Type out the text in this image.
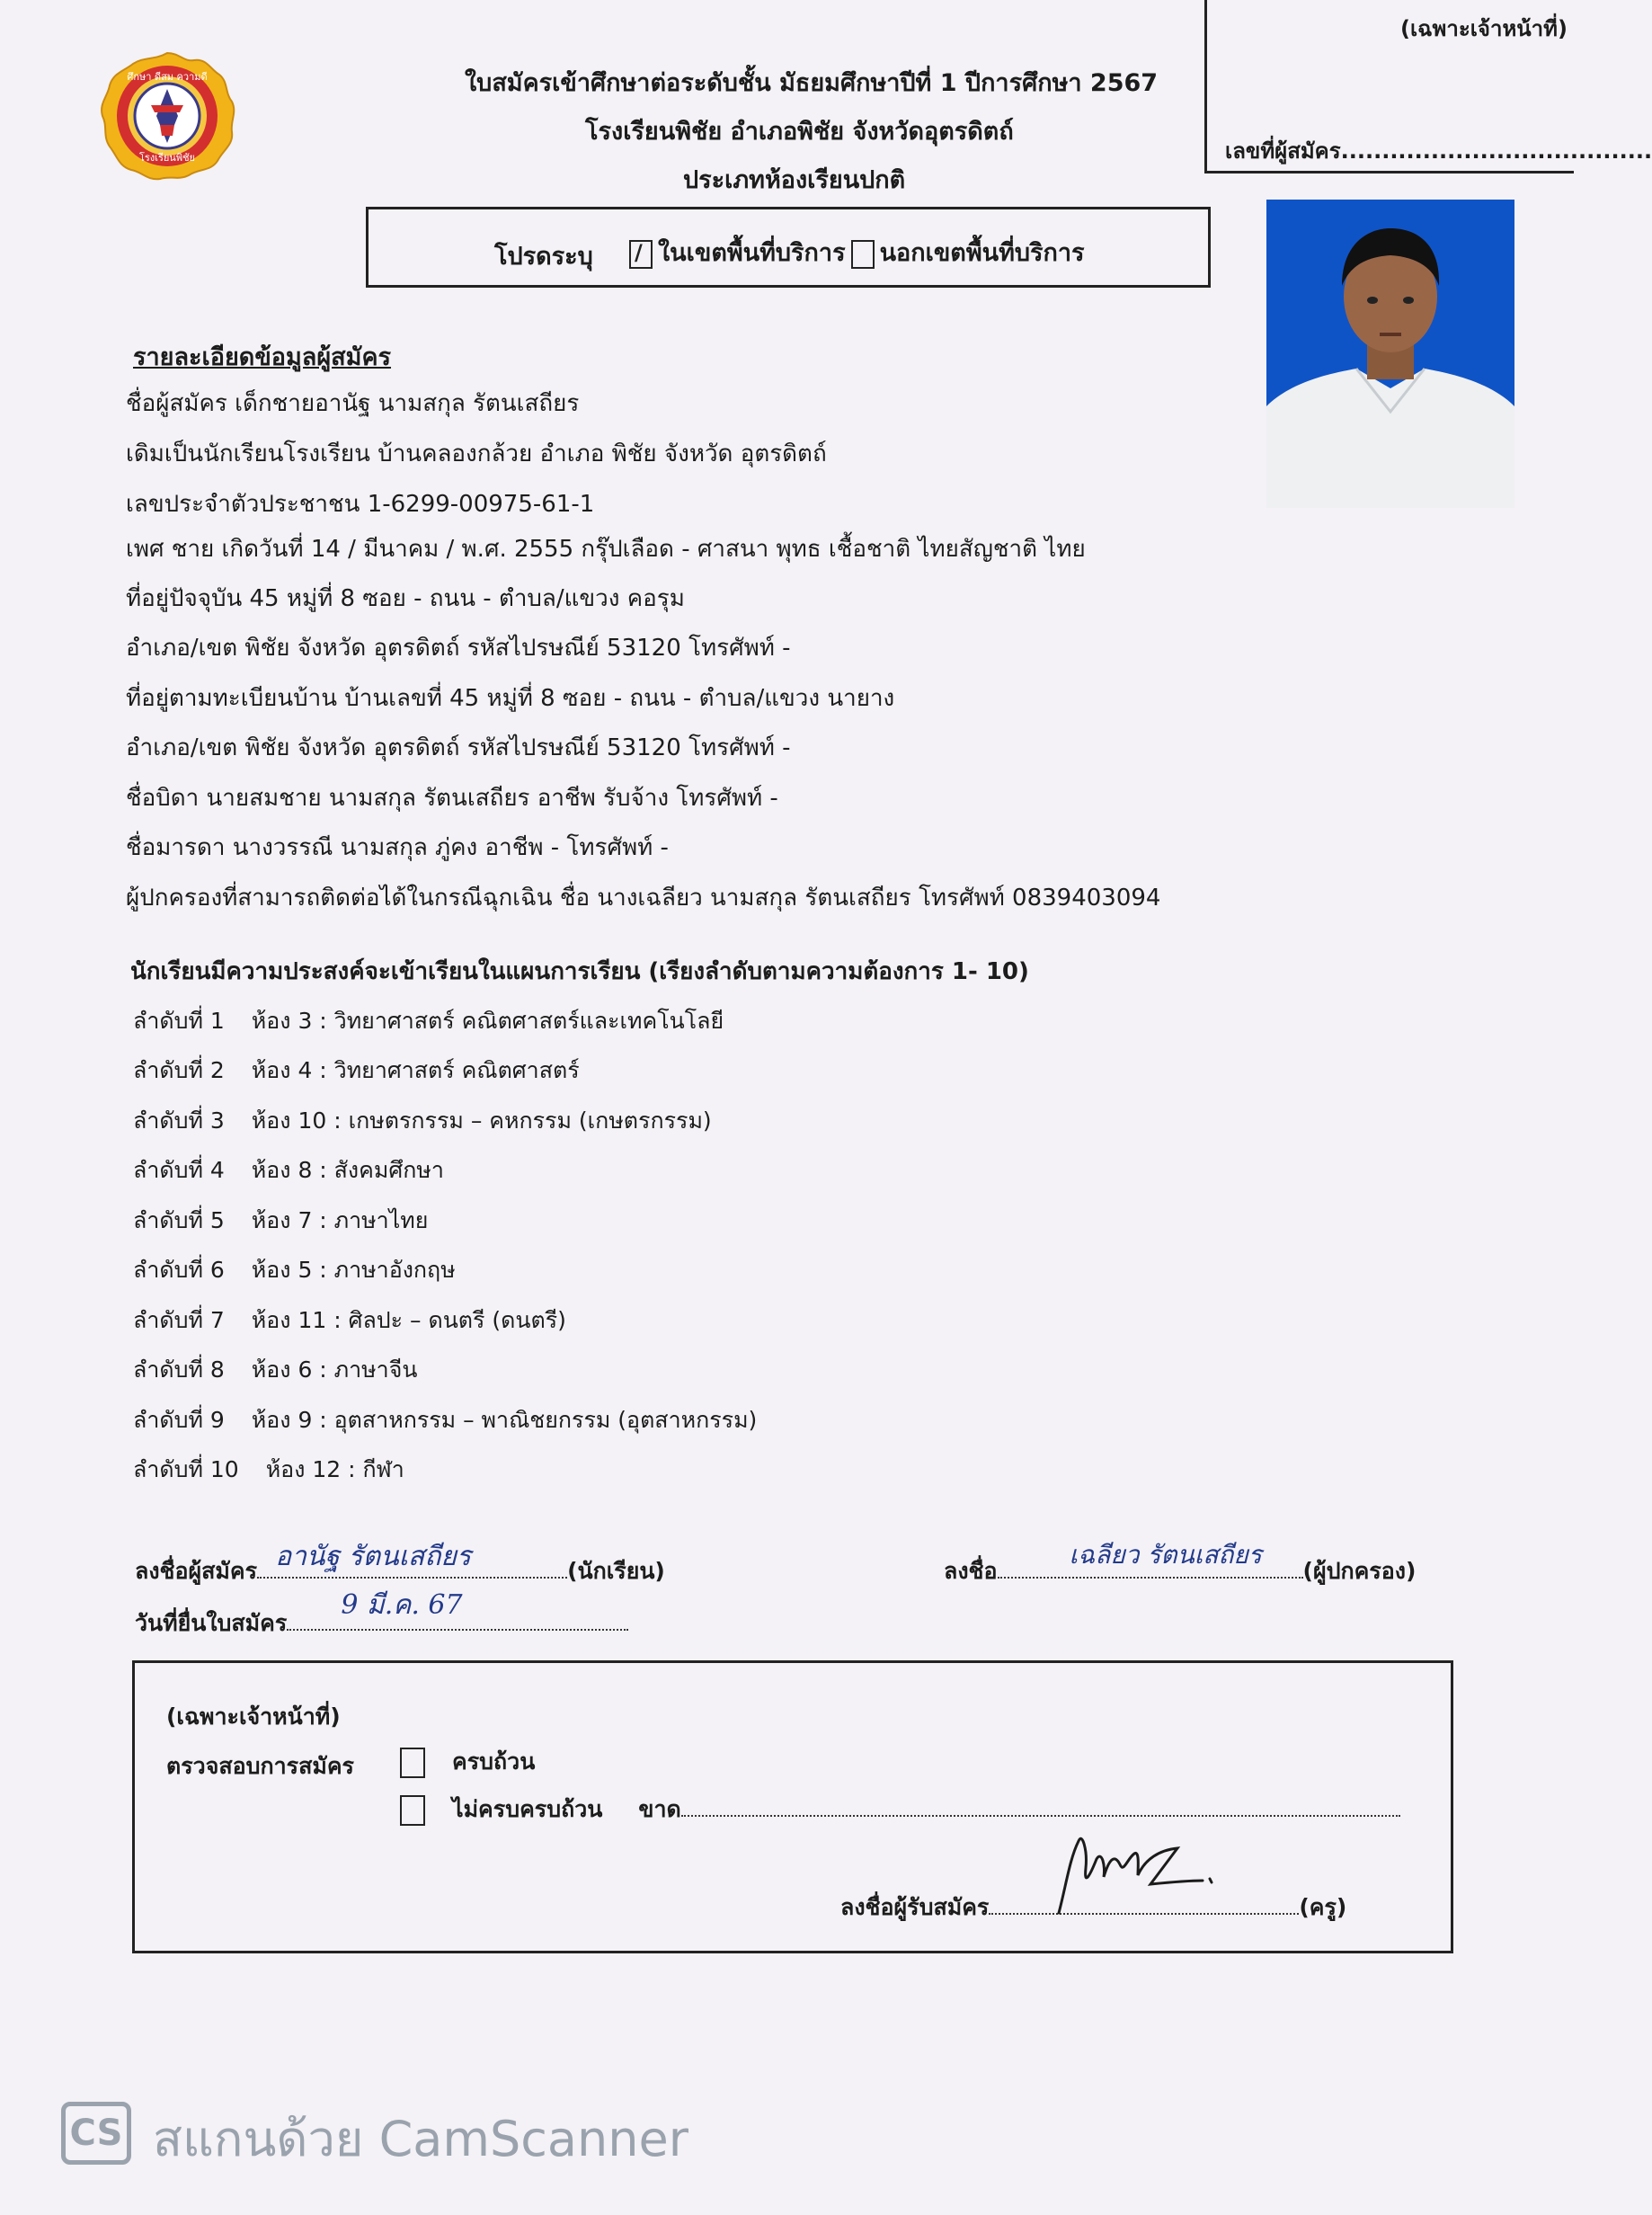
(เฉพาะเจ้าหน้าที่)
เลขที่ผู้สมัคร......................................
ศึกษา ดีสม ความดี
โรงเรียนพิชัย
ใบสมัครเข้าศึกษาต่อระดับชั้น มัธยมศึกษาปีที่ 1 ปีการศึกษา 2567
โรงเรียนพิชัย อำเภอพิชัย จังหวัดอุตรดิตถ์
ประเภทห้องเรียนปกติ
โปรดระบุ / ในเขตพื้นที่บริการ นอกเขตพื้นที่บริการ
รายละเอียดข้อมูลผู้สมัคร
ชื่อผู้สมัคร เด็กชายอานัฐ นามสกุล รัตนเสถียร
เดิมเป็นนักเรียนโรงเรียน บ้านคลองกล้วย อำเภอ พิชัย จังหวัด อุตรดิตถ์
เลขประจำตัวประชาชน 1-6299-00975-61-1
เพศ ชาย เกิดวันที่ 14 / มีนาคม / พ.ศ. 2555 กรุ๊ปเลือด - ศาสนา พุทธ เชื้อชาติ ไทยสัญชาติ ไทย
ที่อยู่ปัจจุบัน 45 หมู่ที่ 8 ซอย - ถนน - ตำบล/แขวง คอรุม
อำเภอ/เขต พิชัย จังหวัด อุตรดิตถ์ รหัสไปรษณีย์ 53120 โทรศัพท์ -
ที่อยู่ตามทะเบียนบ้าน บ้านเลขที่ 45 หมู่ที่ 8 ซอย - ถนน - ตำบล/แขวง นายาง
อำเภอ/เขต พิชัย จังหวัด อุตรดิตถ์ รหัสไปรษณีย์ 53120 โทรศัพท์ -
ชื่อบิดา นายสมชาย นามสกุล รัตนเสถียร อาชีพ รับจ้าง โทรศัพท์ -
ชื่อมารดา นางวรรณี นามสกุล ภู่คง อาชีพ - โทรศัพท์ -
ผู้ปกครองที่สามารถติดต่อได้ในกรณีฉุกเฉิน ชื่อ นางเฉลียว นามสกุล รัตนเสถียร โทรศัพท์ 0839403094
นักเรียนมีความประสงค์จะเข้าเรียนในแผนการเรียน (เรียงลำดับตามความต้องการ 1- 10)
ลำดับที่ 1 ห้อง 3 : วิทยาศาสตร์ คณิตศาสตร์และเทคโนโลยี
ลำดับที่ 2 ห้อง 4 : วิทยาศาสตร์ คณิตศาสตร์
ลำดับที่ 3 ห้อง 10 : เกษตรกรรม – คหกรรม (เกษตรกรรม)
ลำดับที่ 4 ห้อง 8 : สังคมศึกษา
ลำดับที่ 5 ห้อง 7 : ภาษาไทย
ลำดับที่ 6 ห้อง 5 : ภาษาอังกฤษ
ลำดับที่ 7 ห้อง 11 : ศิลปะ – ดนตรี (ดนตรี)
ลำดับที่ 8 ห้อง 6 : ภาษาจีน
ลำดับที่ 9 ห้อง 9 : อุตสาหกรรม – พาณิชยกรรม (อุตสาหกรรม)
ลำดับที่ 10 ห้อง 12 : กีฬา
ลงชื่อผู้สมัคร อานัฐ รัตนเสถียร	(นักเรียน)	ลงชื่อ
เฉลียว รัตนเสถียร
(ผู้ปกครอง)
วันที่ยื่นใบสมัคร
9 มี.ค. 67
(เฉพาะเจ้าหน้าที่)
ตรวจสอบการสมัคร	ครบถ้วน
ไม่ครบครบถ้วน ขาด
ลงชื่อผู้รับสมัคร	(ครู)
CS สแกนด้วย CamScanner
